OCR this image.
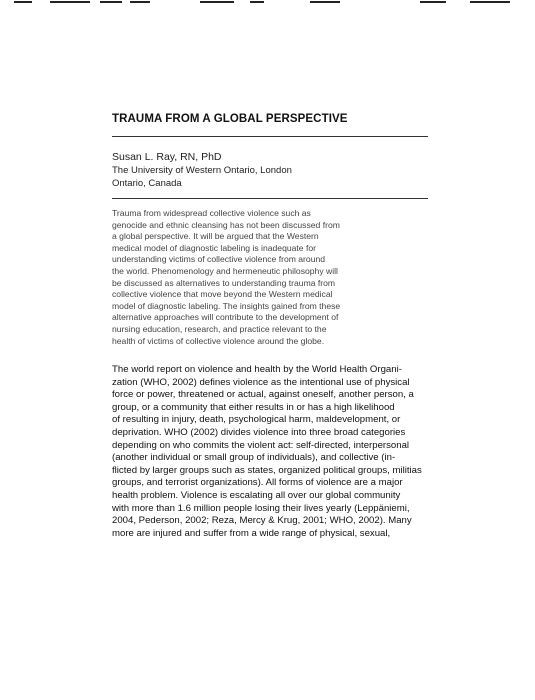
TRAUMA FROM A GLOBAL PERSPECTIVE

Susan L. Ray, RN, PhD

The University of Western Ontario, London

Ontario, Canada

Trauma from widespread collective violence such as
genocide and ethnic cleansing has not been discussed from
a global perspective. It will be argued that the Western
medical model of diagnostic labeling is inadequate for
understanding victims of collective violence from around
the world. Phenomenology and hermeneutic philosophy will
be discussed as alternatives to understanding trauma from
collective violence that move beyond the Western medical
model of diagnostic labeling. The insights gained from these
alternative approaches will contribute to the development of
nursing education, research, and practice relevant to the
health of victims of collective violence around the globe.

The world report on violence and health by the World Health Organi-
zation (WHO, 2002) defines violence as the intentional use of physical
force or power, threatened or actual, against oneself, another person, a
group, or a community that either results in or has a high likelihood
of resulting in injury, death, psychological harm, maldevelopment, or
deprivation. WHO (2002) divides violence into three broad categories
depending on who commits the violent act: self-directed, interpersonal
(another individual or small group of individuals), and collective (in-
flicted by larger groups such as states, organized political groups, militias
groups, and terrorist organizations). All forms of violence are a major
health problem. Violence is escalating all over our global community
with more than 1.6 million people losing their lives yearly (Leppäniemi,
2004, Pederson, 2002; Reza, Mercy & Krug, 2001; WHO, 2002). Many
more are injured and suffer from a wide range of physical, sexual,
